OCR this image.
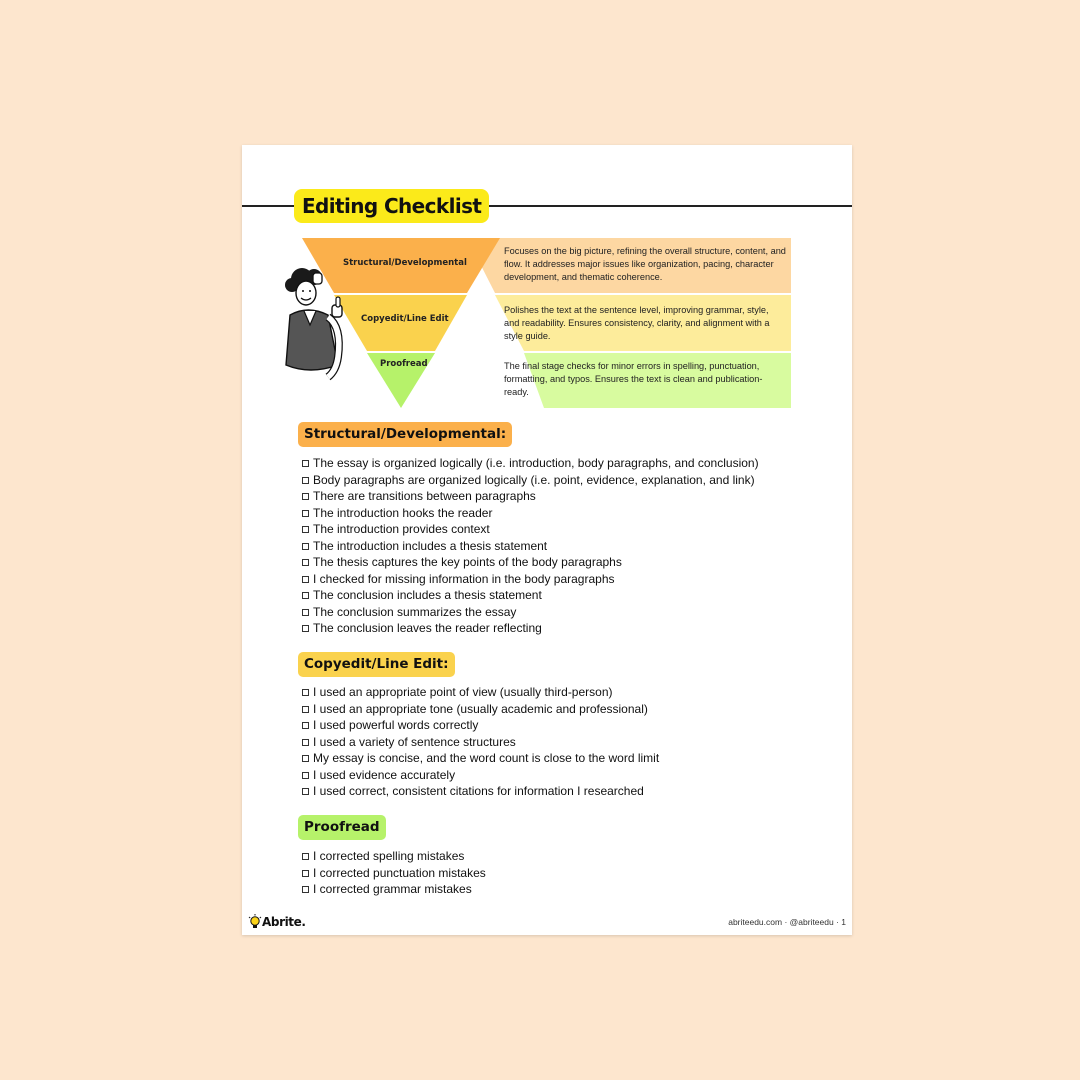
Editing Checklist
Structural/Developmental
Copyedit/Line Edit
Proofread
Focuses on the big picture, refining the overall structure, content, and flow. It addresses major issues like organization, pacing, character development, and thematic coherence.
Polishes the text at the sentence level, improving grammar, style, and readability. Ensures consistency, clarity, and alignment with a style guide.
The final stage checks for minor errors in spelling, punctuation, formatting, and typos. Ensures the text is clean and publication-ready.
Structural/Developmental:
The essay is organized logically (i.e. introduction, body paragraphs, and conclusion)
Body paragraphs are organized logically (i.e. point, evidence, explanation, and link)
There are transitions between paragraphs
The introduction hooks the reader
The introduction provides context
The introduction includes a thesis statement
The thesis captures the key points of the body paragraphs
I checked for missing information in the body paragraphs
The conclusion includes a thesis statement
The conclusion summarizes the essay
The conclusion leaves the reader reflecting
Copyedit/Line Edit:
I used an appropriate point of view (usually third-person)
I used an appropriate tone (usually academic and professional)
I used powerful words correctly
I used a variety of sentence structures
My essay is concise, and the word count is close to the word limit
I used evidence accurately
I used correct, consistent citations for information I researched
Proofread
I corrected spelling mistakes
I corrected punctuation mistakes
I corrected grammar mistakes
Abrite.	abriteedu.com · @abriteedu · 1
